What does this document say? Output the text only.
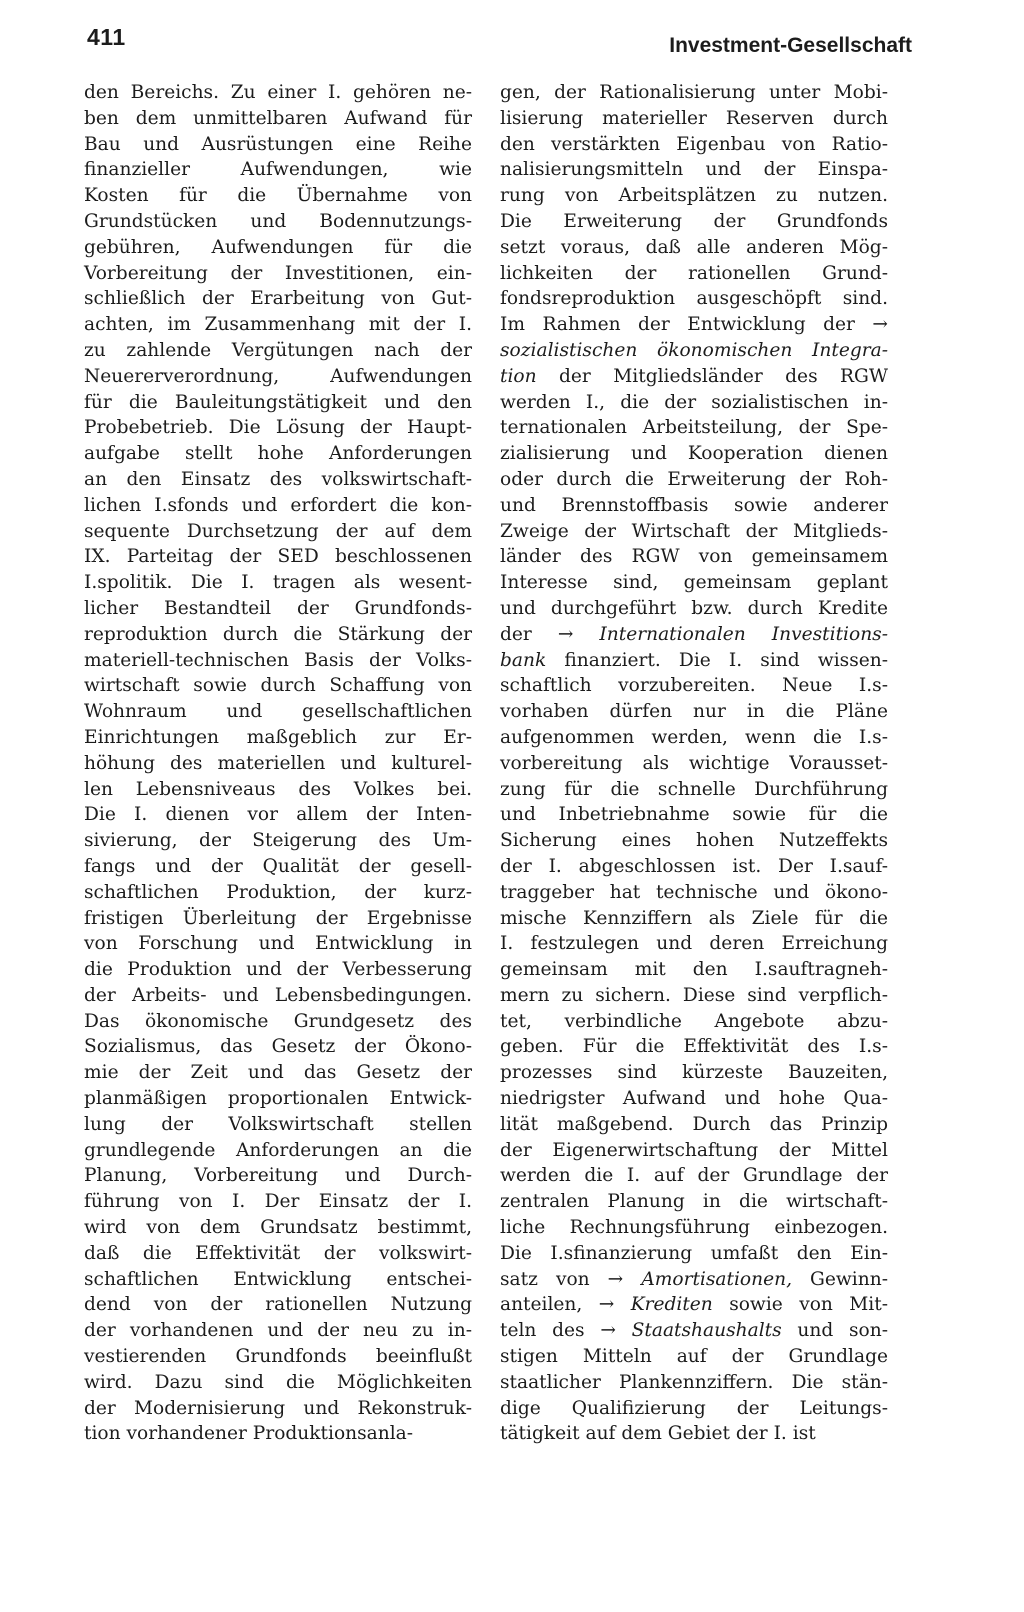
411	Investment-Gesellschaft
den Bereichs. Zu einer I. gehören ne-
ben dem unmittelbaren Aufwand für
Bau und Ausrüstungen eine Reihe
finanzieller Aufwendungen, wie
Kosten für die Übernahme von
Grundstücken und Bodennutzungs-
gebühren, Aufwendungen für die
Vorbereitung der Investitionen, ein-
schließlich der Erarbeitung von Gut-
achten, im Zusammenhang mit der I.
zu zahlende Vergütungen nach der
Neuererverordnung, Aufwendungen
für die Bauleitungstätigkeit und den
Probebetrieb. Die Lösung der Haupt-
aufgabe stellt hohe Anforderungen
an den Einsatz des volkswirtschaft-
lichen I.sfonds und erfordert die kon-
sequente Durchsetzung der auf dem
IX. Parteitag der SED beschlossenen
I.spolitik. Die I. tragen als wesent-
licher Bestandteil der Grundfonds-
reproduktion durch die Stärkung der
materiell-technischen Basis der Volks-
wirtschaft sowie durch Schaffung von
Wohnraum und gesellschaftlichen
Einrichtungen maßgeblich zur Er-
höhung des materiellen und kulturel-
len Lebensniveaus des Volkes bei.
Die I. dienen vor allem der Inten-
sivierung, der Steigerung des Um-
fangs und der Qualität der gesell-
schaftlichen Produktion, der kurz-
fristigen Überleitung der Ergebnisse
von Forschung und Entwicklung in
die Produktion und der Verbesserung
der Arbeits- und Lebensbedingungen.
Das ökonomische Grundgesetz des
Sozialismus, das Gesetz der Ökono-
mie der Zeit und das Gesetz der
planmäßigen proportionalen Entwick-
lung der Volkswirtschaft stellen
grundlegende Anforderungen an die
Planung, Vorbereitung und Durch-
führung von I. Der Einsatz der I.
wird von dem Grundsatz bestimmt,
daß die Effektivität der volkswirt-
schaftlichen Entwicklung entschei-
dend von der rationellen Nutzung
der vorhandenen und der neu zu in-
vestierenden Grundfonds beeinflußt
wird. Dazu sind die Möglichkeiten
der Modernisierung und Rekonstruk-
tion vorhandener Produktionsanla-
gen, der Rationalisierung unter Mobi-
lisierung materieller Reserven durch
den verstärkten Eigenbau von Ratio-
nalisierungsmitteln und der Einspa-
rung von Arbeitsplätzen zu nutzen.
Die Erweiterung der Grundfonds
setzt voraus, daß alle anderen Mög-
lichkeiten der rationellen Grund-
fondsreproduktion ausgeschöpft sind.
Im Rahmen der Entwicklung der →
sozialistischen ökonomischen Integra-
tion der Mitgliedsländer des RGW
werden I., die der sozialistischen in-
ternationalen Arbeitsteilung, der Spe-
zialisierung und Kooperation dienen
oder durch die Erweiterung der Roh-
und Brennstoffbasis sowie anderer
Zweige der Wirtschaft der Mitglieds-
länder des RGW von gemeinsamem
Interesse sind, gemeinsam geplant
und durchgeführt bzw. durch Kredite
der → Internationalen Investitions-
bank finanziert. Die I. sind wissen-
schaftlich vorzubereiten. Neue I.s-
vorhaben dürfen nur in die Pläne
aufgenommen werden, wenn die I.s-
vorbereitung als wichtige Vorausset-
zung für die schnelle Durchführung
und Inbetriebnahme sowie für die
Sicherung eines hohen Nutzeffekts
der I. abgeschlossen ist. Der I.sauf-
traggeber hat technische und ökono-
mische Kennziffern als Ziele für die
I. festzulegen und deren Erreichung
gemeinsam mit den I.sauftragneh-
mern zu sichern. Diese sind verpflich-
tet, verbindliche Angebote abzu-
geben. Für die Effektivität des I.s-
prozesses sind kürzeste Bauzeiten,
niedrigster Aufwand und hohe Qua-
lität maßgebend. Durch das Prinzip
der Eigenerwirtschaftung der Mittel
werden die I. auf der Grundlage der
zentralen Planung in die wirtschaft-
liche Rechnungsführung einbezogen.
Die I.sfinanzierung umfaßt den Ein-
satz von → Amortisationen, Gewinn-
anteilen, → Krediten sowie von Mit-
teln des → Staatshaushalts und son-
stigen Mitteln auf der Grundlage
staatlicher Plankennziffern. Die stän-
dige Qualifizierung der Leitungs-
tätigkeit auf dem Gebiet der I. ist
